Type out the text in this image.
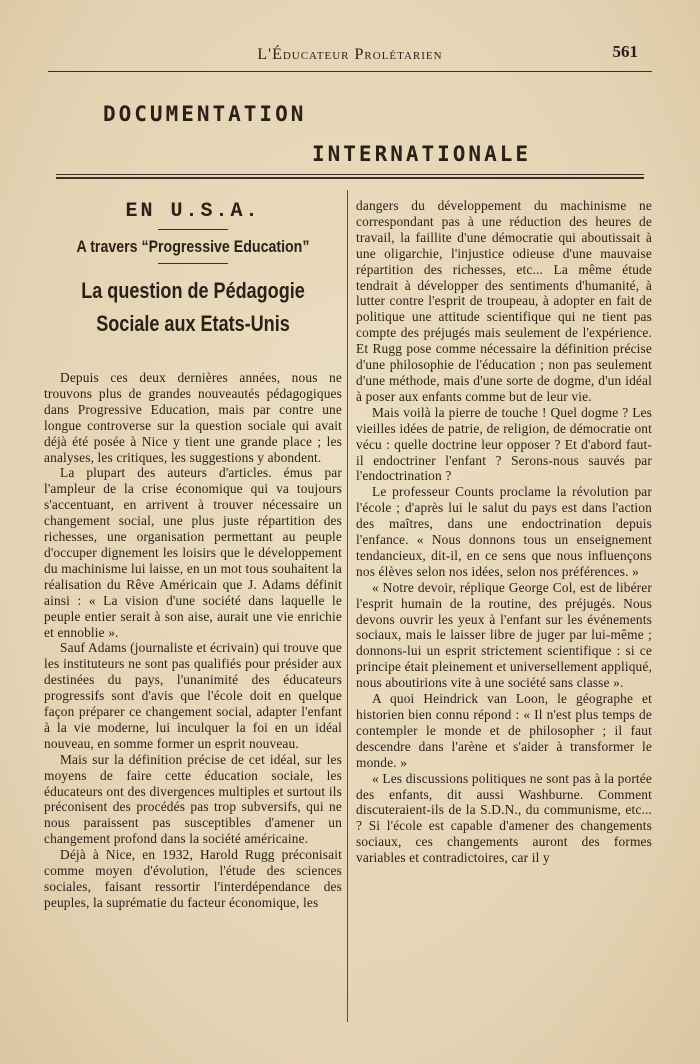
L'Éducateur Prolétarien	561
DOCUMENTATION
INTERNATIONALE
EN U.S.A.
A travers “Progressive Education”
La question de Pédagogie Sociale aux Etats-Unis

Depuis ces deux dernières années, nous ne trouvons plus de grandes nouveautés pédagogiques dans Progressive Education, mais par contre une longue controverse sur la question sociale qui avait déjà été posée à Nice y tient une grande place ; les analyses, les critiques, les suggestions y abondent.

La plupart des auteurs d'articles. émus par l'ampleur de la crise économique qui va toujours s'accentuant, en arrivent à trouver nécessaire un changement social, une plus juste répartition des richesses, une organisation permettant au peuple d'occuper dignement les loisirs que le développement du machinisme lui laisse, en un mot tous souhaitent la réalisation du Rêve Américain que J. Adams définit ainsi : « La vision d'une société dans laquelle le peuple entier serait à son aise, aurait une vie enrichie et ennoblie ».

Sauf Adams (journaliste et écrivain) qui trouve que les instituteurs ne sont pas qualifiés pour présider aux destinées du pays, l'unanimité des éducateurs progressifs sont d'avis que l'école doit en quelque façon préparer ce changement social, adapter l'enfant à la vie moderne, lui inculquer la foi en un idéal nouveau, en somme former un esprit nouveau.

Mais sur la définition précise de cet idéal, sur les moyens de faire cette éducation sociale, les éducateurs ont des divergences multiples et surtout ils préconisent des procédés pas trop subversifs, qui ne nous paraissent pas susceptibles d'amener un changement profond dans la société américaine.

Déjà à Nice, en 1932, Harold Rugg préconisait comme moyen d'évolution, l'étude des sciences sociales, faisant ressortir l'interdépendance des peuples, la suprématie du facteur économique, les

dangers du développement du machinisme ne correspondant pas à une réduction des heures de travail, la faillite d'une démocratie qui aboutissait à une oligarchie, l'injustice odieuse d'une mauvaise répartition des richesses, etc... La même étude tendrait à développer des sentiments d'humanité, à lutter contre l'esprit de troupeau, à adopter en fait de politique une attitude scientifique qui ne tient pas compte des préjugés mais seulement de l'expérience. Et Rugg pose comme nécessaire la définition précise d'une philosophie de l'éducation ; non pas seulement d'une méthode, mais d'une sorte de dogme, d'un idéal à poser aux enfants comme but de leur vie.

Mais voilà la pierre de touche ! Quel dogme ? Les vieilles idées de patrie, de religion, de démocratie ont vécu : quelle doctrine leur opposer ? Et d'abord faut-il endoctriner l'enfant ? Serons-nous sauvés par l'endoctrination ?

Le professeur Counts proclame la révolution par l'école ; d'après lui le salut du pays est dans l'action des maîtres, dans une endoctrination depuis l'enfance. « Nous donnons tous un enseignement tendancieux, dit-il, en ce sens que nous influençons nos élèves selon nos idées, selon nos préférences. »

« Notre devoir, réplique George Col, est de libérer l'esprit humain de la routine, des préjugés. Nous devons ouvrir les yeux à l'enfant sur les événements sociaux, mais le laisser libre de juger par lui-même ; donnons-lui un esprit strictement scientifique : si ce principe était pleinement et universellement appliqué, nous aboutirions vite à une société sans classe ».

A quoi Heindrick van Loon, le géographe et historien bien connu répond : « Il n'est plus temps de contempler le monde et de philosopher ; il faut descendre dans l'arène et s'aider à transformer le monde. »

« Les discussions politiques ne sont pas à la portée des enfants, dit aussi Washburne. Comment discuteraient-ils de la S.D.N., du communisme, etc... ? Si l'école est capable d'amener des changements sociaux, ces changements auront des formes variables et contradictoires, car il y
